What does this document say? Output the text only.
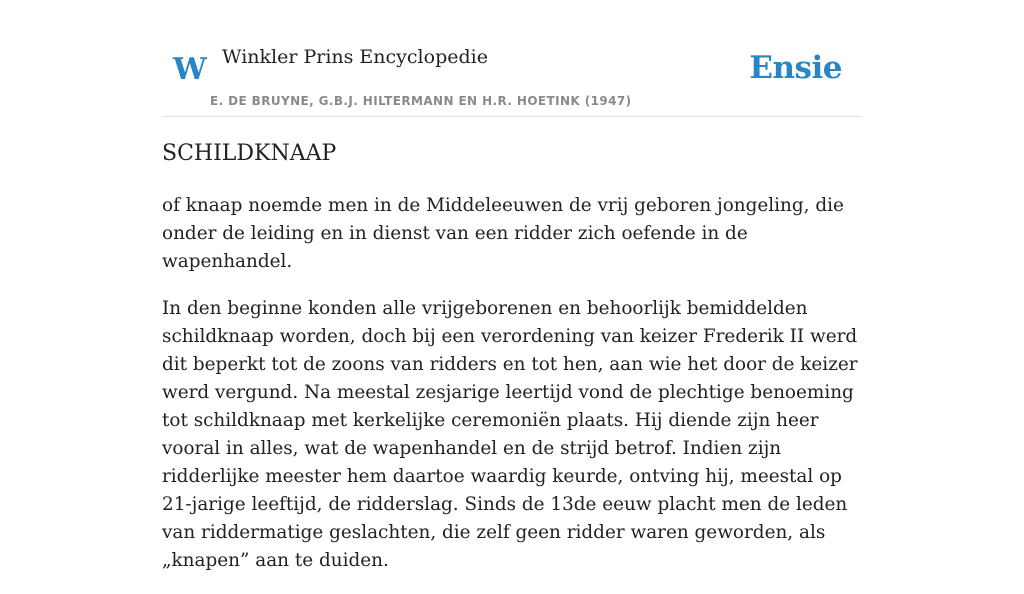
W Winkler Prins Encyclopedie
E. DE BRUYNE, G.B.J. HILTERMANN EN H.R. HOETINK (1947)
Ensie
SCHILDKNAAP

of knaap noemde men in de Middeleeuwen de vrij geboren jongeling, die onder de leiding en in dienst van een ridder zich oefende in de wapenhandel.

In den beginne konden alle vrijgeborenen en behoorlijk bemiddelden schildknaap worden, doch bij een verordening van keizer Frederik II werd dit beperkt tot de zoons van ridders en tot hen, aan wie het door de keizer werd vergund. Na meestal zesjarige leertijd vond de plechtige benoeming tot schildknaap met kerkelijke ceremoniën plaats. Hij diende zijn heer vooral in alles, wat de wapenhandel en de strijd betrof. Indien zijn ridderlijke meester hem daartoe waardig keurde, ontving hij, meestal op 21-jarige leeftijd, de ridderslag. Sinds de 13de eeuw placht men de leden van riddermatige geslachten, die zelf geen ridder waren geworden, als „knapen” aan te duiden.
